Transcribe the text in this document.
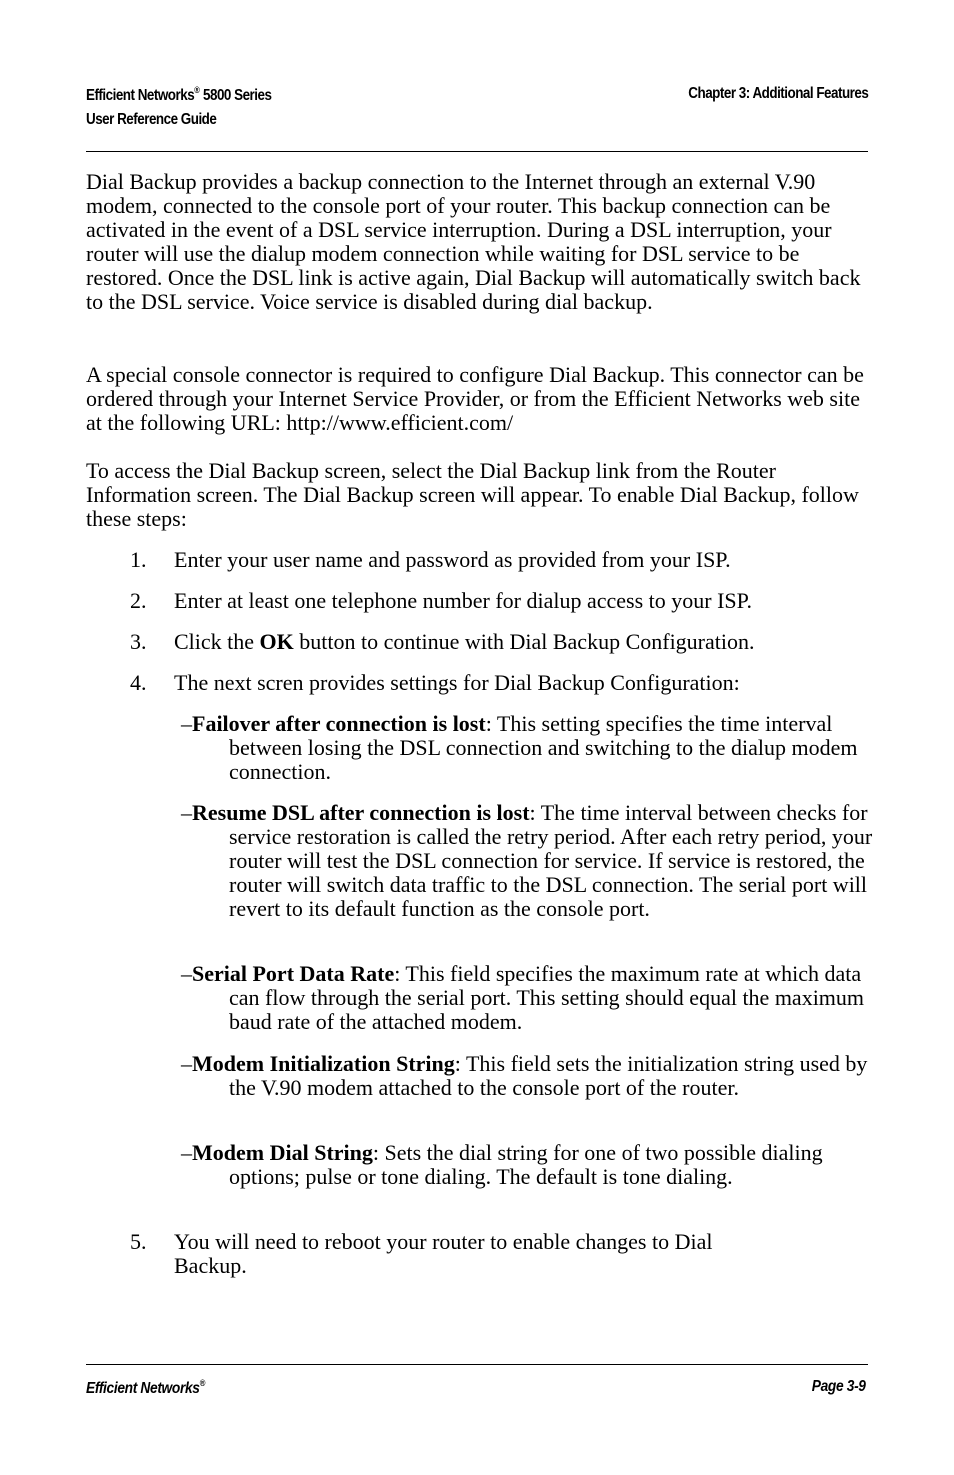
Efficient Networks® 5800 Series
User Reference Guide
Chapter 3: Additional Features

Dial Backup provides a backup connection to the Internet through an external V.90 modem, connected to the console port of your router. This backup connection can be activated in the event of a DSL service interruption. During a DSL interruption, your router will use the dialup modem connection while waiting for DSL service to be restored. Once the DSL link is active again, Dial Backup will automatically switch back to the DSL service. Voice service is disabled during dial backup.

A special console connector is required to configure Dial Backup. This connector can be ordered through your Internet Service Provider, or from the Efficient Networks web site at the following URL: http://www.efficient.com/

To access the Dial Backup screen, select the Dial Backup link from the Router Information screen. The Dial Backup screen will appear. To enable Dial Backup, follow these steps:

1. Enter your user name and password as provided from your ISP.
2. Enter at least one telephone number for dialup access to your ISP.
3. Click the OK button to continue with Dial Backup Configuration.
4. The next scren provides settings for Dial Backup Configuration:
–Failover after connection is lost: This setting specifies the time interval between losing the DSL connection and switching to the dialup modem connection.
–Resume DSL after connection is lost: The time interval between checks for service restoration is called the retry period. After each retry period, your router will test the DSL connection for service. If service is restored, the router will switch data traffic to the DSL connection. The serial port will revert to its default function as the console port.
–Serial Port Data Rate: This field specifies the maximum rate at which data can flow through the serial port. This setting should equal the maximum baud rate of the attached modem.
–Modem Initialization String: This field sets the initialization string used by the V.90 modem attached to the console port of the router.
–Modem Dial String: Sets the dial string for one of two possible dialing options; pulse or tone dialing. The default is tone dialing.
5. You will need to reboot your router to enable changes to Dial Backup.
Efficient Networks®	Page 3-9
